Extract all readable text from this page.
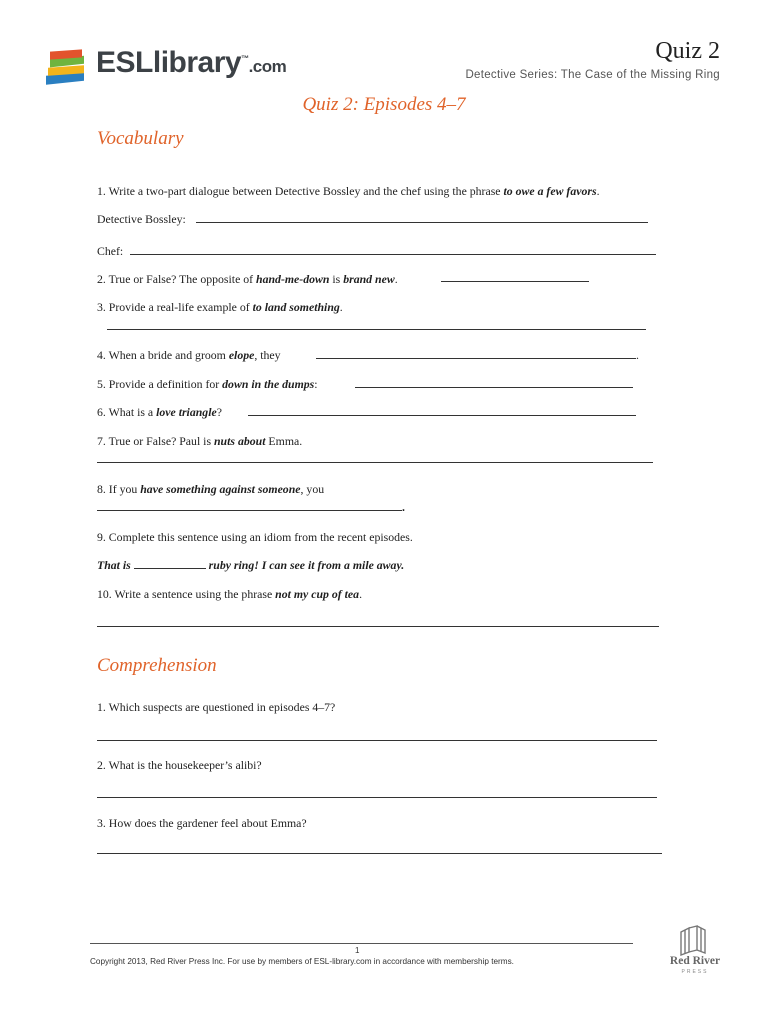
ESLlibrary™.com
Quiz 2
Detective Series: The Case of the Missing Ring
Quiz 2: Episodes 4–7
Vocabulary
1. Write a two-part dialogue between Detective Bossley and the chef using the phrase to owe a few favors.
Detective Bossley:
Chef:
2. True or False? The opposite of hand-me-down is brand new.
3. Provide a real-life example of to land something.
4. When a bride and groom elope, they	.
5. Provide a definition for down in the dumps:
6. What is a love triangle?
7. True or False? Paul is nuts about Emma.
8. If you have something against someone, you
.
9. Complete this sentence using an idiom from the recent episodes.
That is	ruby ring! I can see it from a mile away.
10. Write a sentence using the phrase not my cup of tea.
Comprehension
1. Which suspects are questioned in episodes 4–7?
2. What is the housekeeper’s alibi?
3. How does the gardener feel about Emma?
1
Copyright 2013, Red River Press Inc. For use by members of ESL-library.com in accordance with membership terms.	Red River
PRESS
